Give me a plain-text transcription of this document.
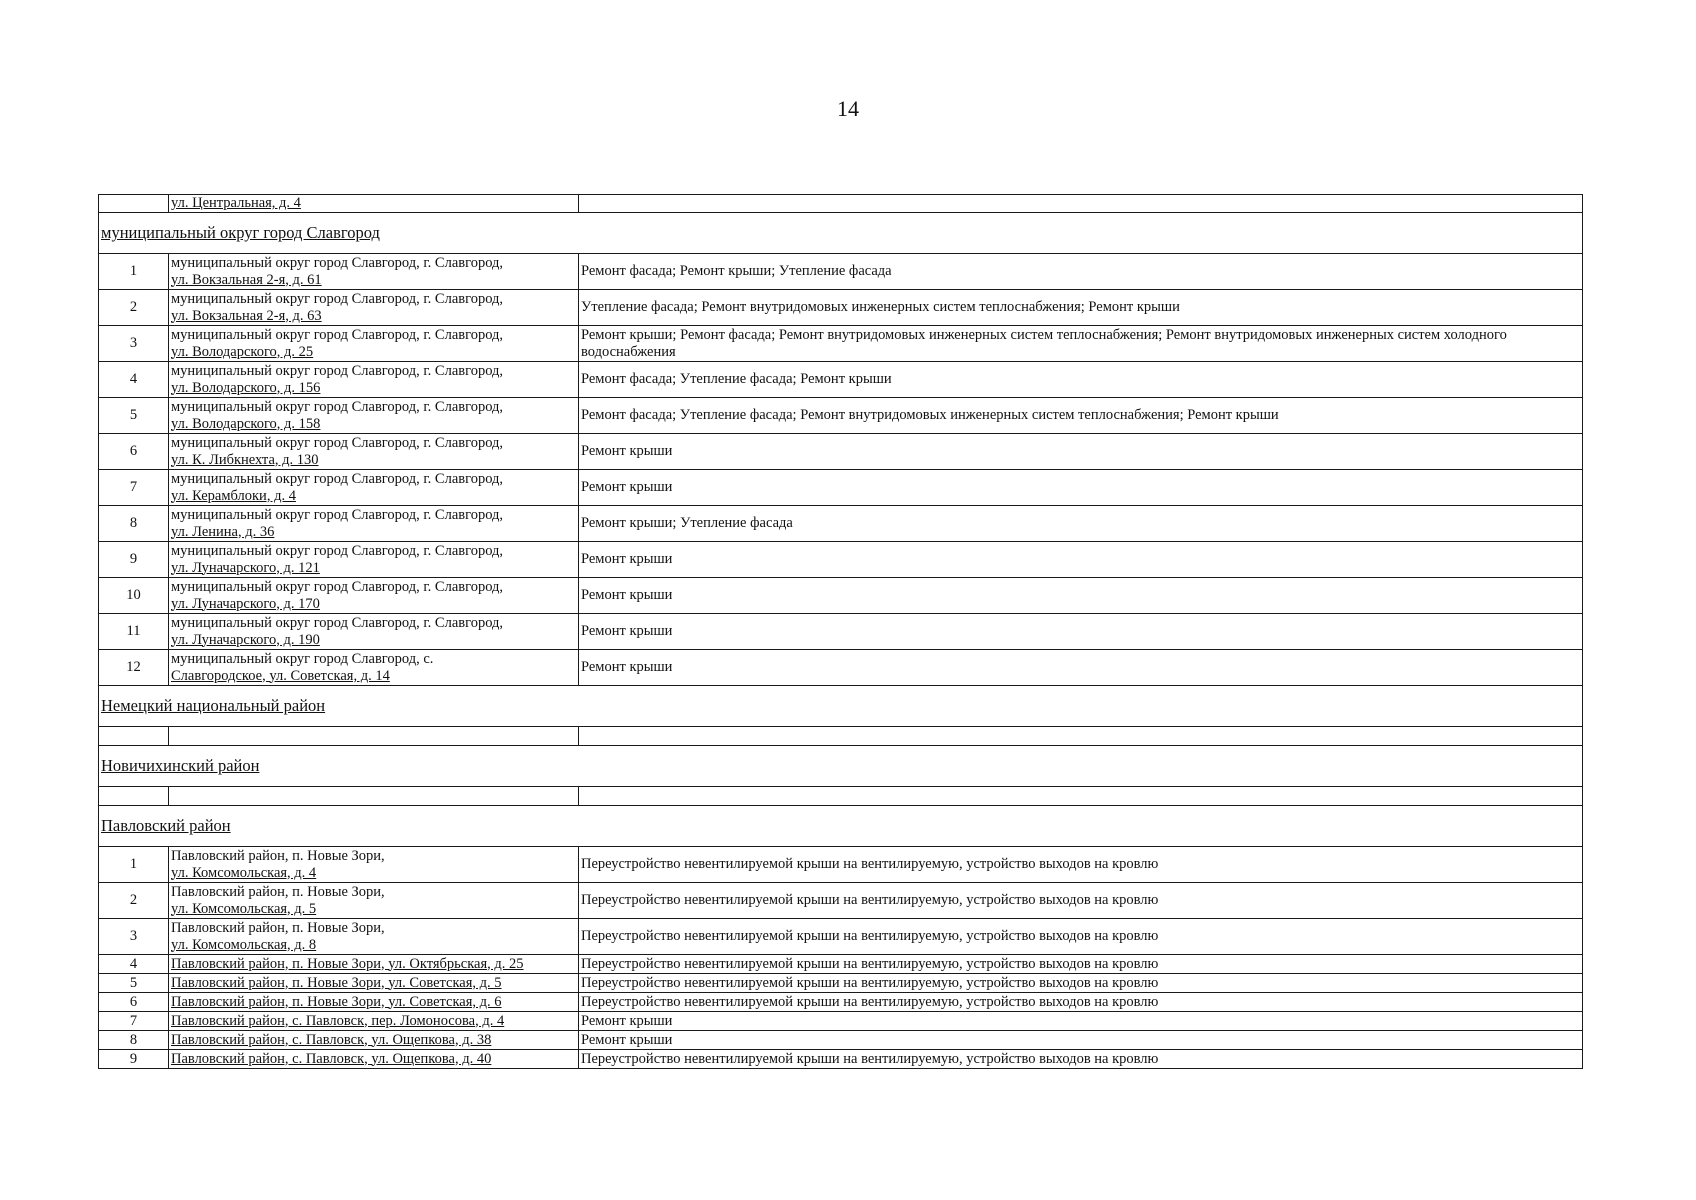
14

	ул. Центральная, д. 4	

муниципальный округ город Славгород		
1	муниципальный округ город Славгород, г. Славгород,
ул. Вокзальная 2-я, д. 61	Ремонт фасада; Ремонт крыши; Утепление фасада
2	муниципальный округ город Славгород, г. Славгород,
ул. Вокзальная 2-я, д. 63	Утепление фасада; Ремонт внутридомовых инженерных систем теплоснабжения; Ремонт крыши
3	муниципальный округ город Славгород, г. Славгород,
ул. Володарского, д. 25	Ремонт крыши; Ремонт фасада; Ремонт внутридомовых инженерных систем теплоснабжения; Ремонт внутридомовых инженерных систем холодного водоснабжения
4	муниципальный округ город Славгород, г. Славгород,
ул. Володарского, д. 156	Ремонт фасада; Утепление фасада; Ремонт крыши
5	муниципальный округ город Славгород, г. Славгород,
ул. Володарского, д. 158	Ремонт фасада; Утепление фасада; Ремонт внутридомовых инженерных систем теплоснабжения; Ремонт крыши
6	муниципальный округ город Славгород, г. Славгород,
ул. К. Либкнехта, д. 130	Ремонт крыши
7	муниципальный округ город Славгород, г. Славгород,
ул. Керамблоки, д. 4	Ремонт крыши
8	муниципальный округ город Славгород, г. Славгород,
ул. Ленина, д. 36	Ремонт крыши; Утепление фасада
9	муниципальный округ город Славгород, г. Славгород,
ул. Луначарского, д. 121	Ремонт крыши
10	муниципальный округ город Славгород, г. Славгород,
ул. Луначарского, д. 170	Ремонт крыши
11	муниципальный округ город Славгород, г. Славгород,
ул. Луначарского, д. 190	Ремонт крыши
12	муниципальный округ город Славгород, с.
Славгородское, ул. Советская, д. 14	Ремонт крыши
Немецкий национальный район		

Новичихинский район		

Павловский район		
1	Павловский район, п. Новые Зори,
ул. Комсомольская, д. 4	Переустройство невентилируемой крыши на вентилируемую, устройство выходов на кровлю
2	Павловский район, п. Новые Зори,
ул. Комсомольская, д. 5	Переустройство невентилируемой крыши на вентилируемую, устройство выходов на кровлю
3	Павловский район, п. Новые Зори,
ул. Комсомольская, д. 8	Переустройство невентилируемой крыши на вентилируемую, устройство выходов на кровлю
4	Павловский район, п. Новые Зори, ул. Октябрьская, д. 25	Переустройство невентилируемой крыши на вентилируемую, устройство выходов на кровлю
5	Павловский район, п. Новые Зори, ул. Советская, д. 5	Переустройство невентилируемой крыши на вентилируемую, устройство выходов на кровлю
6	Павловский район, п. Новые Зори, ул. Советская, д. 6	Переустройство невентилируемой крыши на вентилируемую, устройство выходов на кровлю
7	Павловский район, с. Павловск, пер. Ломоносова, д. 4	Ремонт крыши
8	Павловский район, с. Павловск, ул. Ощепкова, д. 38	Ремонт крыши
9	Павловский район, с. Павловск, ул. Ощепкова, д. 40	Переустройство невентилируемой крыши на вентилируемую, устройство выходов на кровлю
